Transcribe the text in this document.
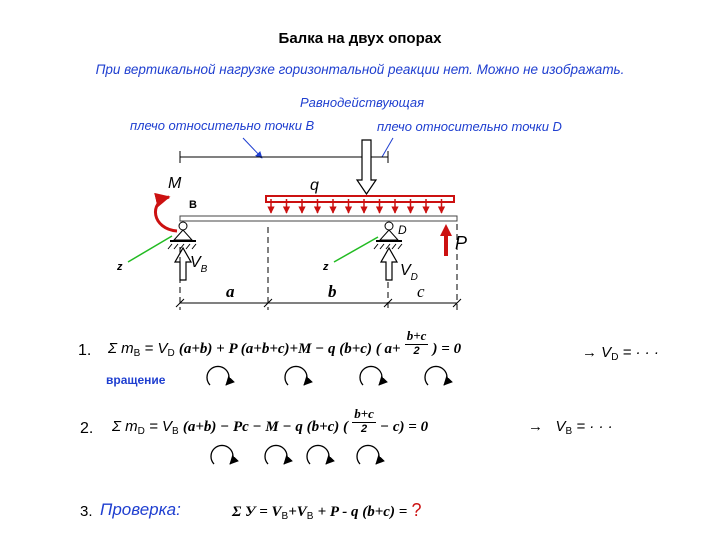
Балка на двух опорах
При вертикальной нагрузке горизонтальной реакции нет. Можно не изображать.
Равнодействующая
плечо относительно точки B	плечо относительно точки D
M	q
B
D
$V_B$	$V_D$
P
z	z
a	b	c
1. Σ $m_B = V_D$ (a+b) + P (a+b+c)+M − q (b+c) ( $a+ \frac{b+c}{2}$ ) = 0	→ $V_D$ = · · ·
вращение
2. Σ $m_D = V_B$ (a+b) − Pc − M − q (b+c) ( $\frac{b+c}{2} - c) = 0$	→   $V_B$ = · · ·
3. Проверка:	Σ $У = V_B+V_B + P - q$ (b+c) = ?
